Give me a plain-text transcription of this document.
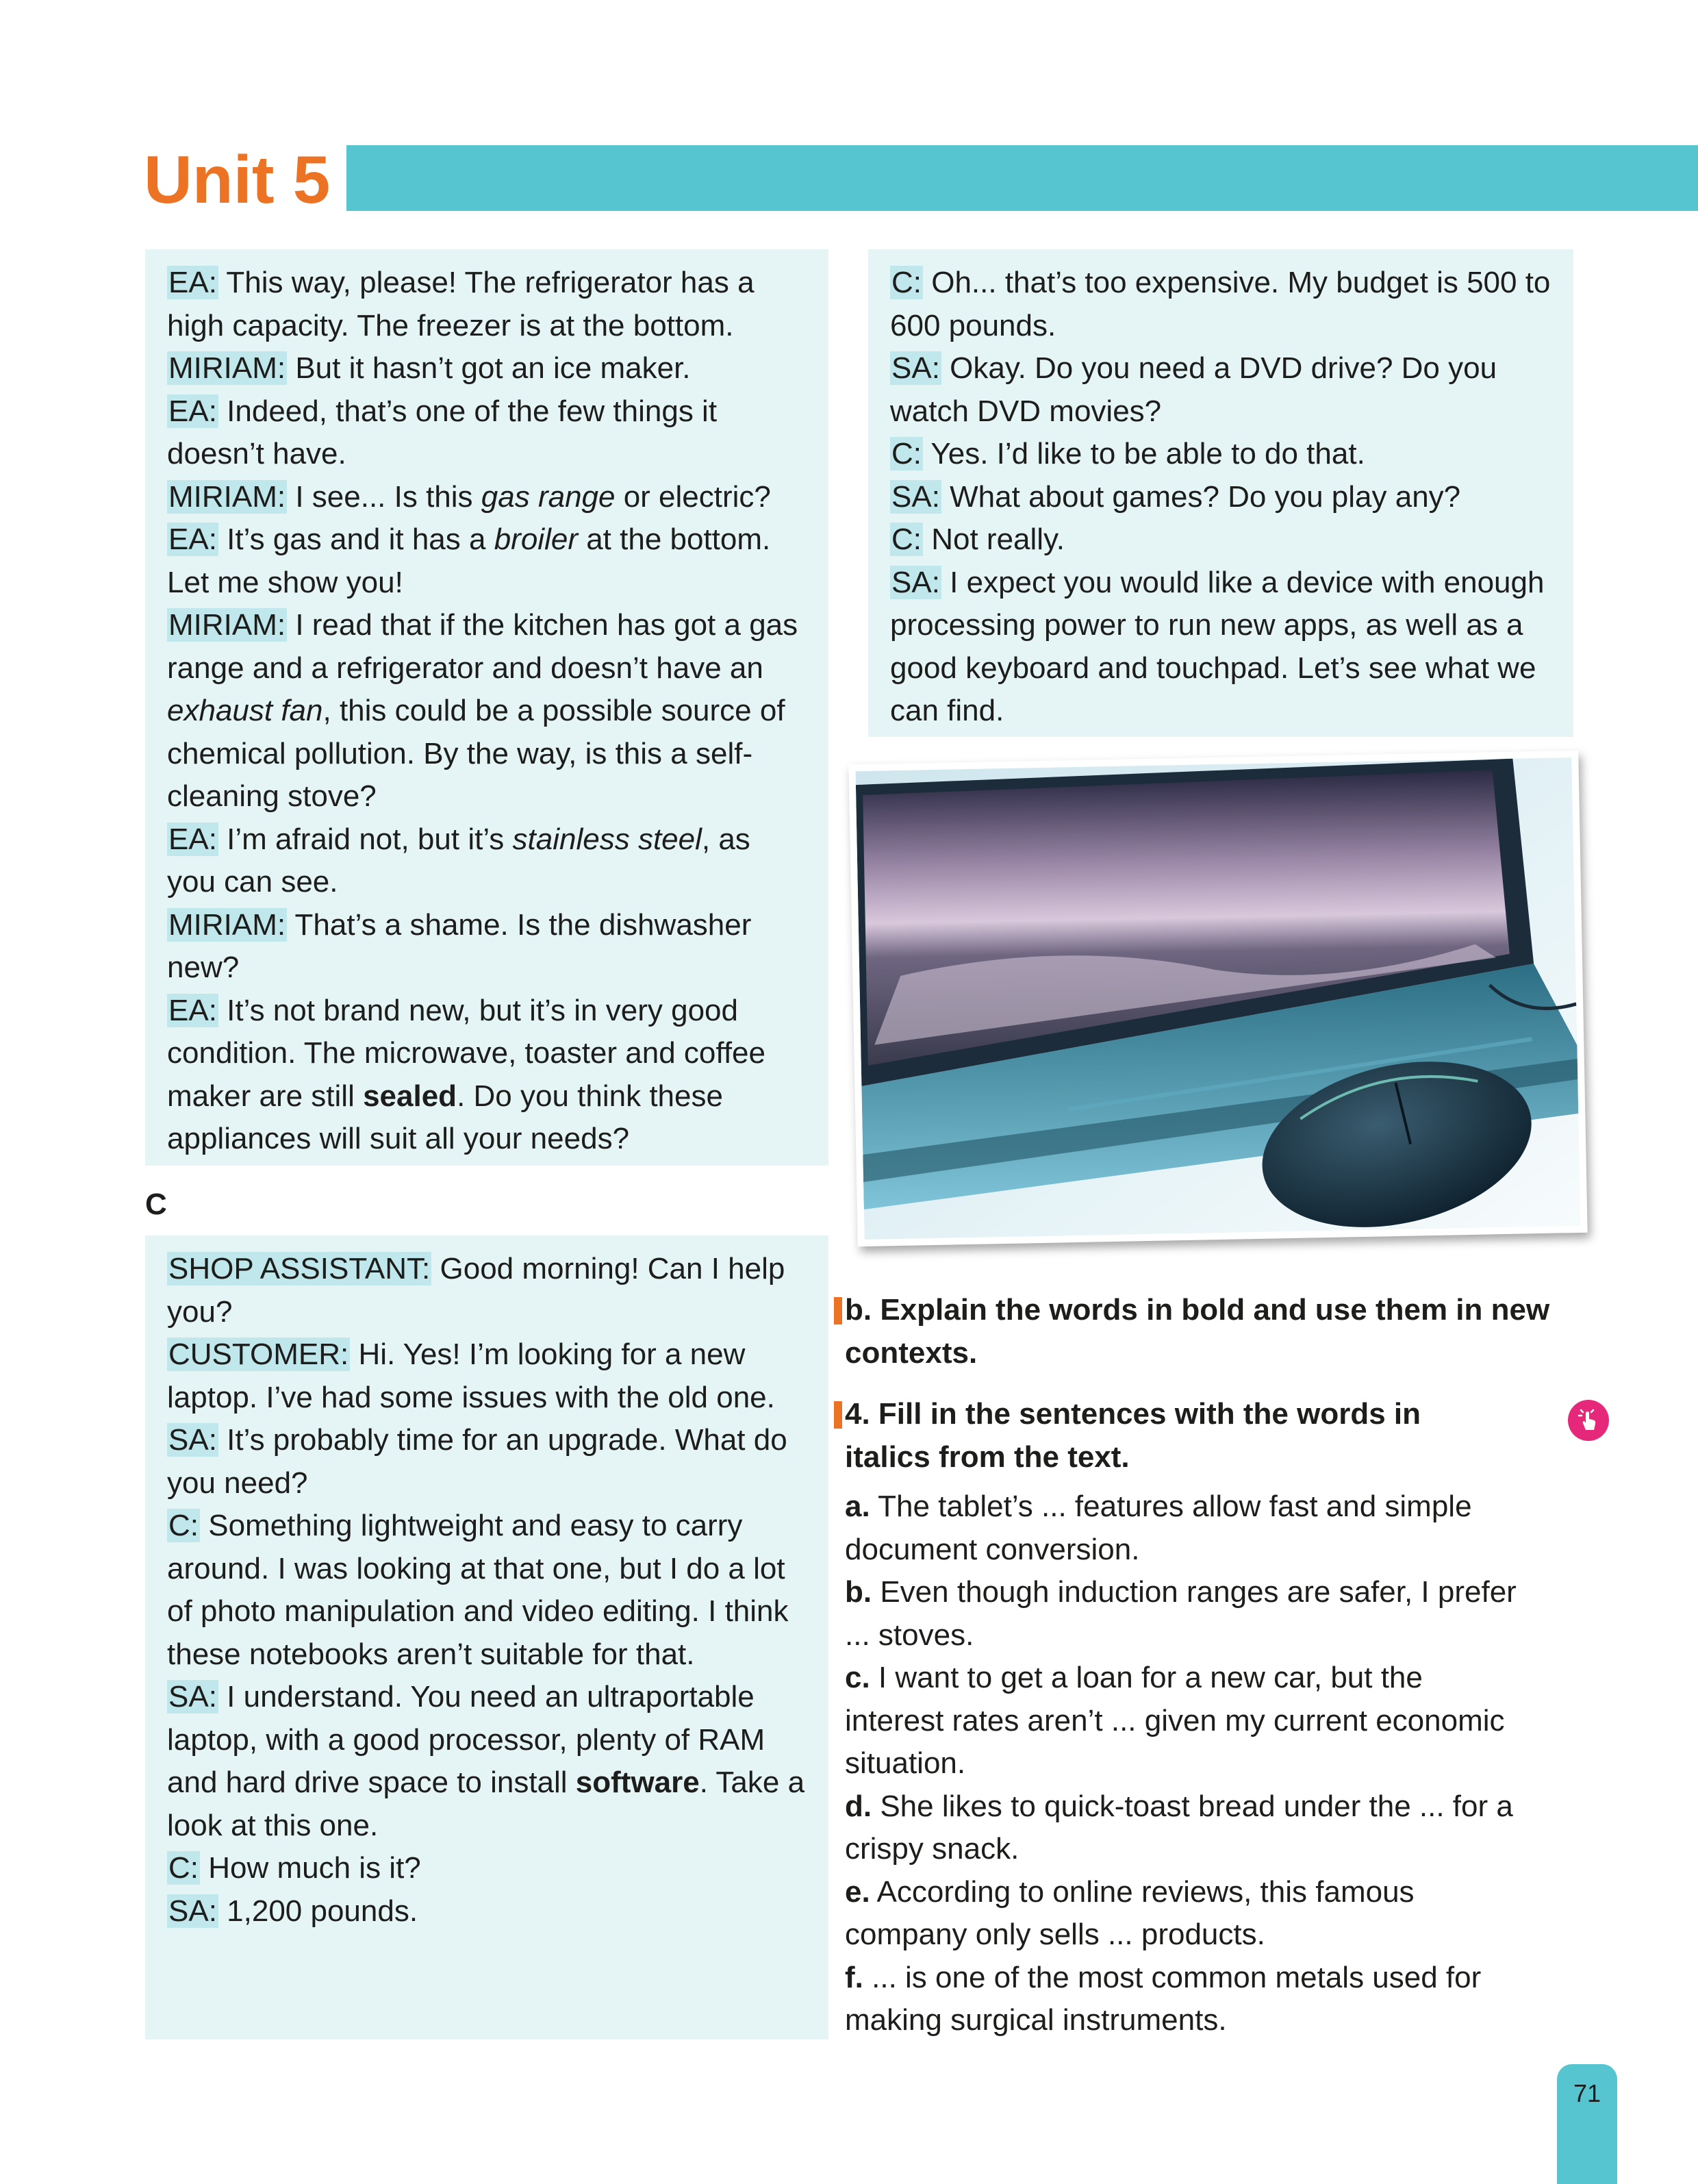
Unit 5

EA: This way, please! The refrigerator has a high capacity. The freezer is at the bottom.

MIRIAM: But it hasn’t got an ice maker.

EA: Indeed, that’s one of the few things it doesn’t have.

MIRIAM: I see... Is this gas range or electric?

EA: It’s gas and it has a broiler at the bottom. Let me show you!

MIRIAM: I read that if the kitchen has got a gas range and a refrigerator and doesn’t have an exhaust fan, this could be a possible source of chemical pollution. By the way, is this a self-cleaning stove?

EA: I’m afraid not, but it’s stainless steel, as you can see.

MIRIAM: That’s a shame. Is the dishwasher new?

EA: It’s not brand new, but it’s in very good condition. The microwave, toaster and coffee maker are still sealed. Do you think these appliances will suit all your needs?

C

SHOP ASSISTANT: Good morning! Can I help you?

CUSTOMER: Hi. Yes! I’m looking for a new laptop. I’ve had some issues with the old one.

SA: It’s probably time for an upgrade. What do you need?

C: Something lightweight and easy to carry around. I was looking at that one, but I do a lot of photo manipulation and video editing. I think these notebooks aren’t suitable for that.

SA: I understand. You need an ultraportable laptop, with a good processor, plenty of RAM and hard drive space to install software. Take a look at this one.

C: How much is it?

SA: 1,200 pounds.

C: Oh... that’s too expensive. My budget is 500 to 600 pounds.

SA: Okay. Do you need a DVD drive? Do you watch DVD movies?

C: Yes. I’d like to be able to do that.

SA: What about games? Do you play any?

C: Not really.

SA: I expect you would like a device with enough processing power to run new apps, as well as a good keyboard and touchpad. Let’s see what we can find.

b. Explain the words in bold and use them in new contexts.

4. Fill in the sentences with the words in italics from the text.

a. The tablet’s ... features allow fast and simple document conversion.

b. Even though induction ranges are safer, I prefer ... stoves.

c. I want to get a loan for a new car, but the interest rates aren’t ... given my current economic situation.

d. She likes to quick-toast bread under the ... for a crispy snack.

e. According to online reviews, this famous company only sells ... products.

f. ... is one of the most common metals used for making surgical instruments.

71
